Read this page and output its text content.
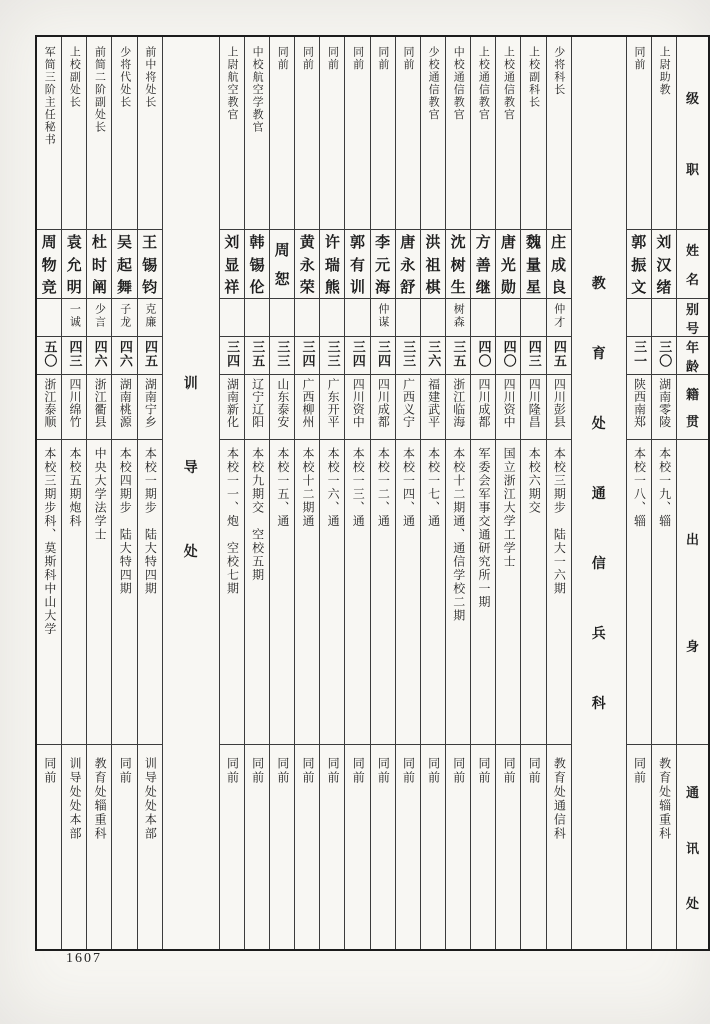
级
职
姓
名
别
号
年
龄
籍
贯
出
身
通
讯
处
上尉助教
刘
汉
绪
三〇
湖南零陵
本校一九、辎
教育处辎重科
同前
郭
振
文
三一
陕西南郑
本校一八、辎
同前
教
育
处
通
信
兵
科
少将科长
庄
成
良
仲才
四五
四川彭县
本校三期步　陆大一六期
教育处通信科
上校副科长
魏
量
星
四三
四川隆昌
本校六期交
同前
上校通信教官
唐
光
勋
四〇
四川资中
国立浙江大学工学士
同前
上校通信教官
方
善
继
四〇
四川成都
军委会军事交通研究所一期
同前
中校通信教官
沈
树
生
树森
三五
浙江临海
本校十二期通、通信学校二期
同前
少校通信教官
洪
祖
棋
三六
福建武平
本校一七、通
同前
同前
唐
永
舒
三三
广西义宁
本校一四、通
同前
同前
李
元
海
仲谋
三四
四川成都
本校一二、通
同前
同前
郭
有
训
三四
四川资中
本校一三、通
同前
同前
许
瑞
熊
三三
广东开平
本校一六、通
同前
同前
黄
永
荣
三四
广西柳州
本校十二期通
同前
同前
周
恕
三三
山东泰安
本校一五、通
同前
中校航空学教官
韩
锡
伦
三五
辽宁辽阳
本校九期交　空校五期
同前
上尉航空教官
刘
显
祥
三四
湖南新化
本校一一、炮　空校七期
同前
训
导
处
前中将处长
王
锡
钧
克廉
四五
湖南宁乡
本校一期步　陆大特四期
训导处处本部
少将代处长
吴
起
舞
子龙
四六
湖南桃源
本校四期步　陆大特四期
同前
前简二阶副处长
杜
时
阐
少言
四六
浙江衢县
中央大学法学士
教育处辎重科
上校副处长
袁
允
明
一诚
四三
四川绵竹
本校五期炮科
训导处处本部
军简三阶主任秘书
周
物
竞
五〇
浙江泰顺
本校三期步科、莫斯科中山大学
同前
1607
